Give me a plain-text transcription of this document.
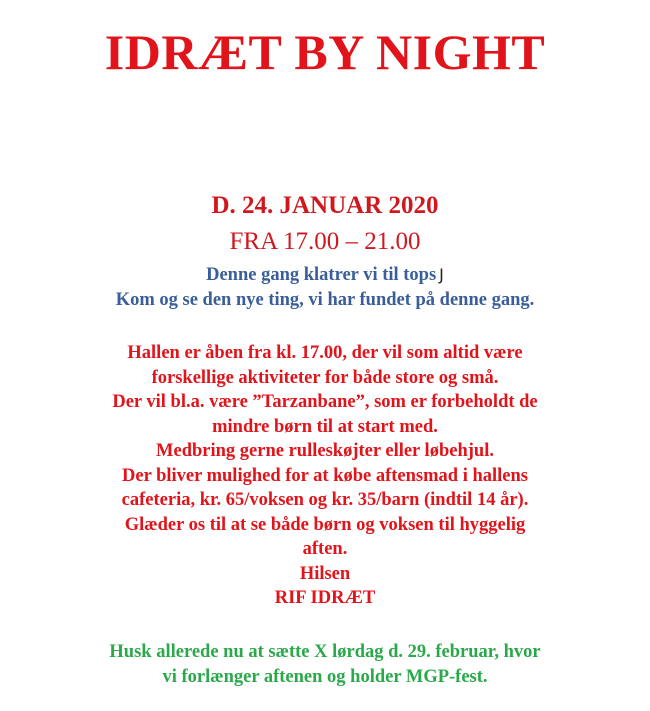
IDRÆT BY NIGHT
D. 24. JANUAR 2020
FRA 17.00 – 21.00
Denne gang klatrer vi til tops J
Kom og se den nye ting, vi har fundet på denne gang.
Hallen er åben fra kl. 17.00, der vil som altid være
forskellige aktiviteter for både store og små.
Der vil bl.a. være ”Tarzanbane”, som er forbeholdt de
mindre børn til at start med.
Medbring gerne rulleskøjter eller løbehjul.
Der bliver mulighed for at købe aftensmad i hallens
cafeteria, kr. 65/voksen og kr. 35/barn (indtil 14 år).
Glæder os til at se både børn og voksen til hyggelig
aften.
Hilsen
RIF IDRÆT
Husk allerede nu at sætte X lørdag d. 29. februar, hvor
vi forlænger aftenen og holder MGP-fest.
